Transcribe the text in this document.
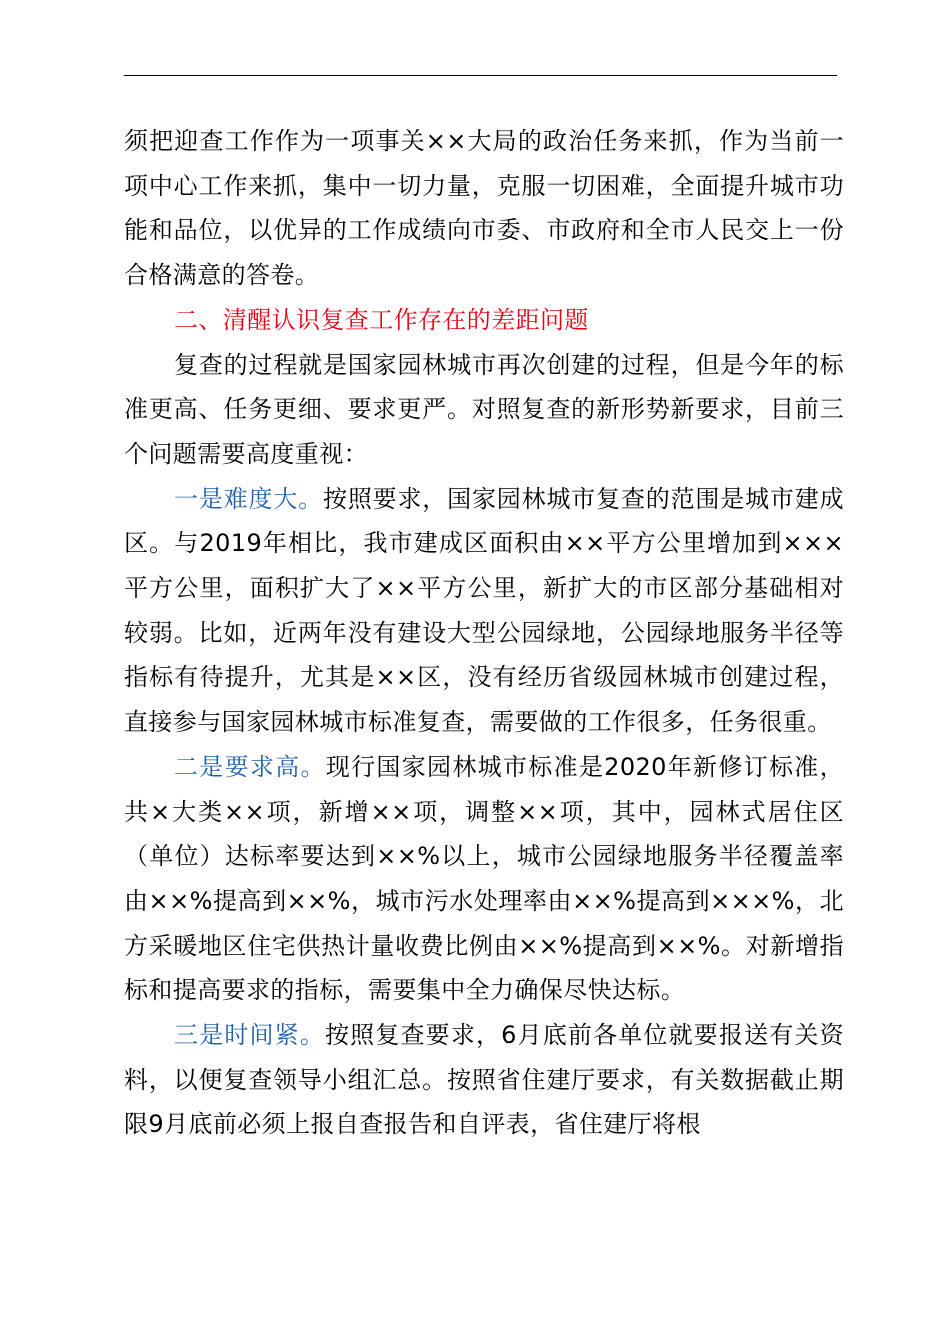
须把迎查工作作为一项事关××大局的政治任务来抓，作为当前一项中心工作来抓，集中一切力量，克服一切困难，全面提升城市功能和品位，以优异的工作成绩向市委、市政府和全市人民交上一份合格满意的答卷。

二、清醒认识复查工作存在的差距问题

复查的过程就是国家园林城市再次创建的过程，但是今年的标准更高、任务更细、要求更严。对照复查的新形势新要求，目前三个问题需要高度重视：

一是难度大。按照要求，国家园林城市复查的范围是城市建成区。与2019年相比，我市建成区面积由××平方公里增加到×××平方公里，面积扩大了××平方公里，新扩大的市区部分基础相对较弱。比如，近两年没有建设大型公园绿地，公园绿地服务半径等指标有待提升，尤其是××区，没有经历省级园林城市创建过程，直接参与国家园林城市标准复查，需要做的工作很多，任务很重。

二是要求高。现行国家园林城市标准是2020年新修订标准，共×大类××项，新增××项，调整××项，其中，园林式居住区（单位）达标率要达到××%以上，城市公园绿地服务半径覆盖率由××%提高到××%，城市污水处理率由××%提高到×××%，北方采暖地区住宅供热计量收费比例由××%提高到××%。对新增指标和提高要求的指标，需要集中全力确保尽快达标。

三是时间紧。按照复查要求，6月底前各单位就要报送有关资料，以便复查领导小组汇总。按照省住建厅要求，有关数据截止期限9月底前必须上报自查报告和自评表，省住建厅将根
